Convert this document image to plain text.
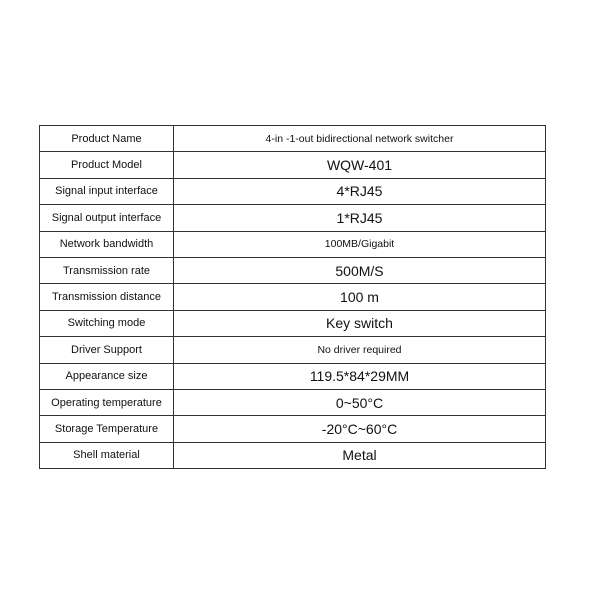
Product Name	4-in -1-out bidirectional network switcher
Product Model	WQW-401
Signal input interface	4*RJ45
Signal output interface	1*RJ45
Network bandwidth	100MB/Gigabit
Transmission rate	500M/S
Transmission distance	100 m
Switching mode	Key switch
Driver Support	No driver required
Appearance size	119.5*84*29MM
Operating temperature	0~50°C
Storage Temperature	-20°C~60°C
Shell material	Metal
